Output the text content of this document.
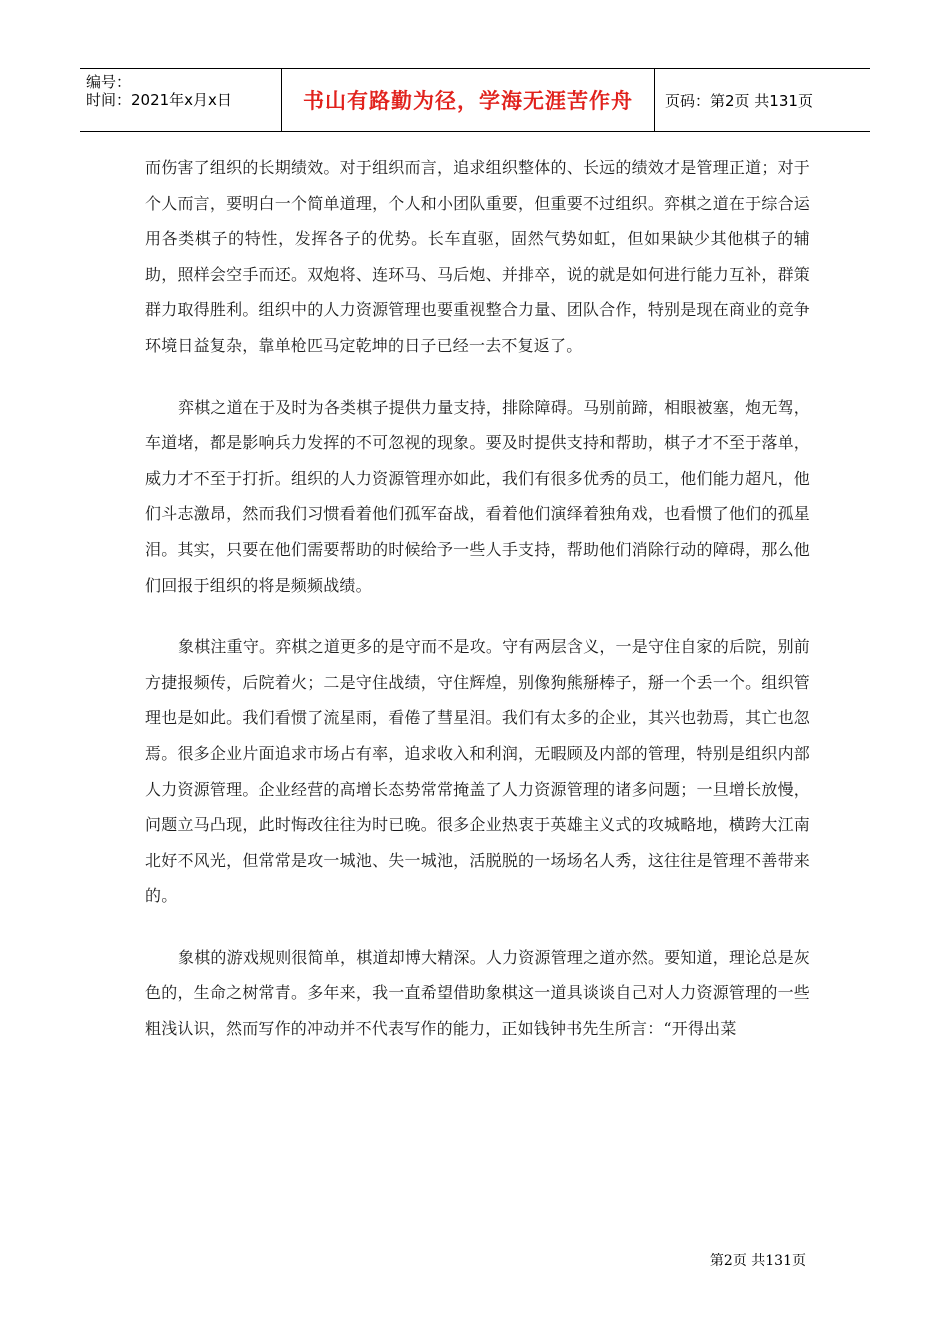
编号：
时间：2021年x月x日	书山有路勤为径，学海无涯苦作舟 页码：第2页 共131页

而伤害了组织的长期绩效。对于组织而言，追求组织整体的、长远的绩效才是管理正道；对于个人而言，要明白一个简单道理，个人和小团队重要，但重要不过组织。弈棋之道在于综合运用各类棋子的特性，发挥各子的优势。长车直驱，固然气势如虹，但如果缺少其他棋子的辅助，照样会空手而还。双炮将、连环马、马后炮、并排卒，说的就是如何进行能力互补，群策群力取得胜利。组织中的人力资源管理也要重视整合力量、团队合作，特别是现在商业的竞争环境日益复杂，靠单枪匹马定乾坤的日子已经一去不复返了。

弈棋之道在于及时为各类棋子提供力量支持，排除障碍。马别前蹄，相眼被塞，炮无驾，车道堵，都是影响兵力发挥的不可忽视的现象。要及时提供支持和帮助，棋子才不至于落单，威力才不至于打折。组织的人力资源管理亦如此，我们有很多优秀的员工，他们能力超凡，他们斗志激昂，然而我们习惯看着他们孤军奋战，看着他们演绎着独角戏，也看惯了他们的孤星泪。其实，只要在他们需要帮助的时候给予一些人手支持，帮助他们消除行动的障碍，那么他们回报于组织的将是频频战绩。

象棋注重守。弈棋之道更多的是守而不是攻。守有两层含义，一是守住自家的后院，别前方捷报频传，后院着火；二是守住战绩，守住辉煌，别像狗熊掰棒子，掰一个丢一个。组织管理也是如此。我们看惯了流星雨，看倦了彗星泪。我们有太多的企业，其兴也勃焉，其亡也忽焉。很多企业片面追求市场占有率，追求收入和利润，无暇顾及内部的管理，特别是组织内部人力资源管理。企业经营的高增长态势常常掩盖了人力资源管理的诸多问题；一旦增长放慢，问题立马凸现，此时悔改往往为时已晚。很多企业热衷于英雄主义式的攻城略地，横跨大江南北好不风光，但常常是攻一城池、失一城池，活脱脱的一场场名人秀，这往往是管理不善带来的。

象棋的游戏规则很简单，棋道却博大精深。人力资源管理之道亦然。要知道，理论总是灰色的，生命之树常青。多年来，我一直希望借助象棋这一道具谈谈自己对人力资源管理的一些粗浅认识，然而写作的冲动并不代表写作的能力，正如钱钟书先生所言：“开得出菜

第2页 共131页
